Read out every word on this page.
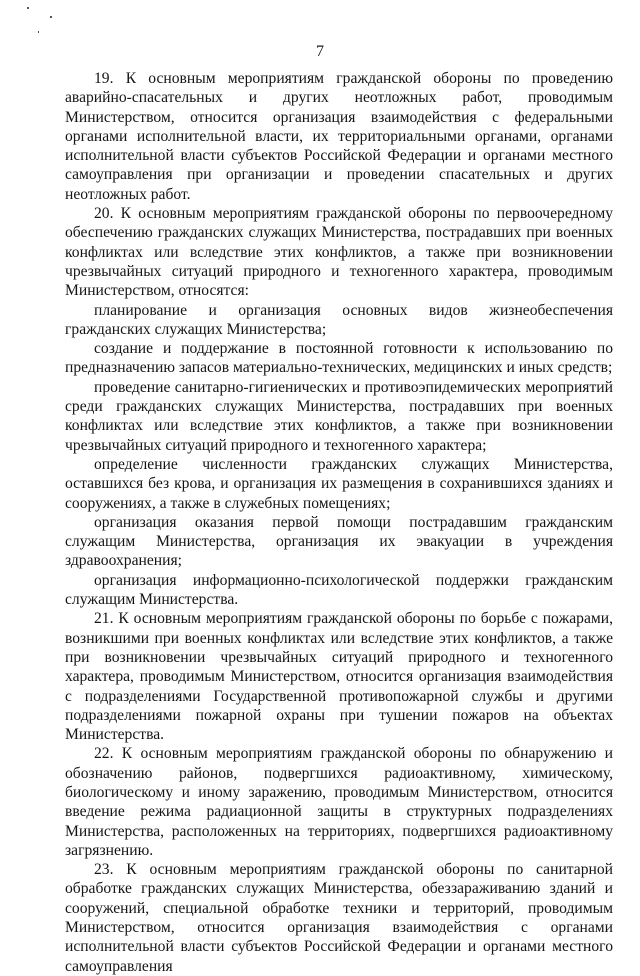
7

19. К основным мероприятиям гражданской обороны по проведению аварийно-спасательных и других неотложных работ, проводимым Министерством, относится организация взаимодействия с федеральными органами исполнительной власти, их территориальными органами, органами исполнительной власти субъектов Российской Федерации и органами местного самоуправления при организации и проведении спасательных и других неотложных работ.

20. К основным мероприятиям гражданской обороны по первоочередному обеспечению гражданских служащих Министерства, пострадавших при военных конфликтах или вследствие этих конфликтов, а также при возникновении чрезвычайных ситуаций природного и техногенного характера, проводимым Министерством, относятся:

планирование и организация основных видов жизнеобеспечения гражданских служащих Министерства;

создание и поддержание в постоянной готовности к использованию по предназначению запасов материально-технических, медицинских и иных средств;

проведение санитарно-гигиенических и противоэпидемических мероприятий среди гражданских служащих Министерства, пострадавших при военных конфликтах или вследствие этих конфликтов, а также при возникновении чрезвычайных ситуаций природного и техногенного характера;

определение численности гражданских служащих Министерства, оставшихся без крова, и организация их размещения в сохранившихся зданиях и сооружениях, а также в служебных помещениях;

организация оказания первой помощи пострадавшим гражданским служащим Министерства, организация их эвакуации в учреждения здравоохранения;

организация информационно-психологической поддержки гражданским служащим Министерства.

21. К основным мероприятиям гражданской обороны по борьбе с пожарами, возникшими при военных конфликтах или вследствие этих конфликтов, а также при возникновении чрезвычайных ситуаций природного и техногенного характера, проводимым Министерством, относится организация взаимодействия с подразделениями Государственной противопожарной службы и другими подразделениями пожарной охраны при тушении пожаров на объектах Министерства.

22. К основным мероприятиям гражданской обороны по обнаружению и обозначению районов, подвергшихся радиоактивному, химическому, биологическому и иному заражению, проводимым Министерством, относится введение режима радиационной защиты в структурных подразделениях Министерства, расположенных на территориях, подвергшихся радиоактивному загрязнению.

23. К основным мероприятиям гражданской обороны по санитарной обработке гражданских служащих Министерства, обеззараживанию зданий и сооружений, специальной обработке техники и территорий, проводимым Министерством, относится организация взаимодействия с органами исполнительной власти субъектов Российской Федерации и органами местного самоуправления
